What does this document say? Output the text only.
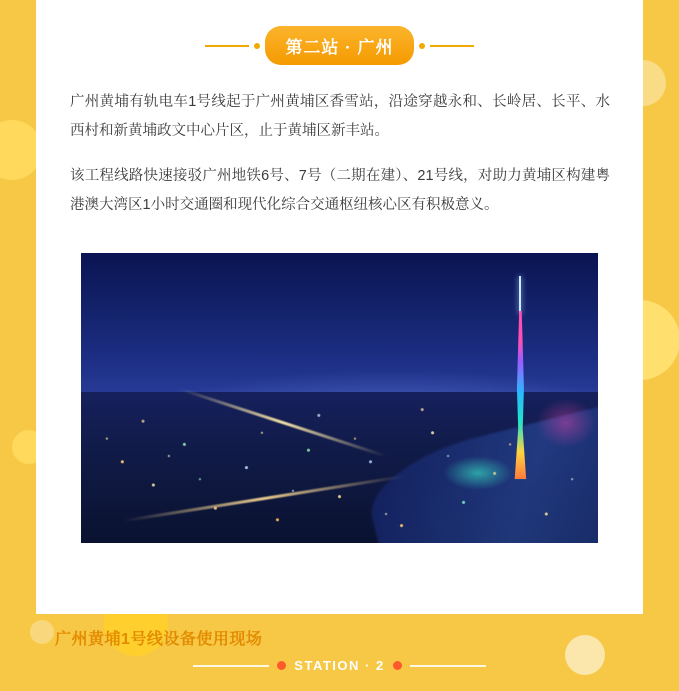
第二站 · 广州

广州黄埔有轨电车1号线起于广州黄埔区香雪站，沿途穿越永和、长岭居、长平、水西村和新黄埔政文中心片区，止于黄埔区新丰站。

该工程线路快速接驳广州地铁6号、7号（二期在建）、21号线，对助力黄埔区构建粤港澳大湾区1小时交通圈和现代化综合交通枢纽核心区有积极意义。

广州黄埔1号线设备使用现场
STATION · 2
